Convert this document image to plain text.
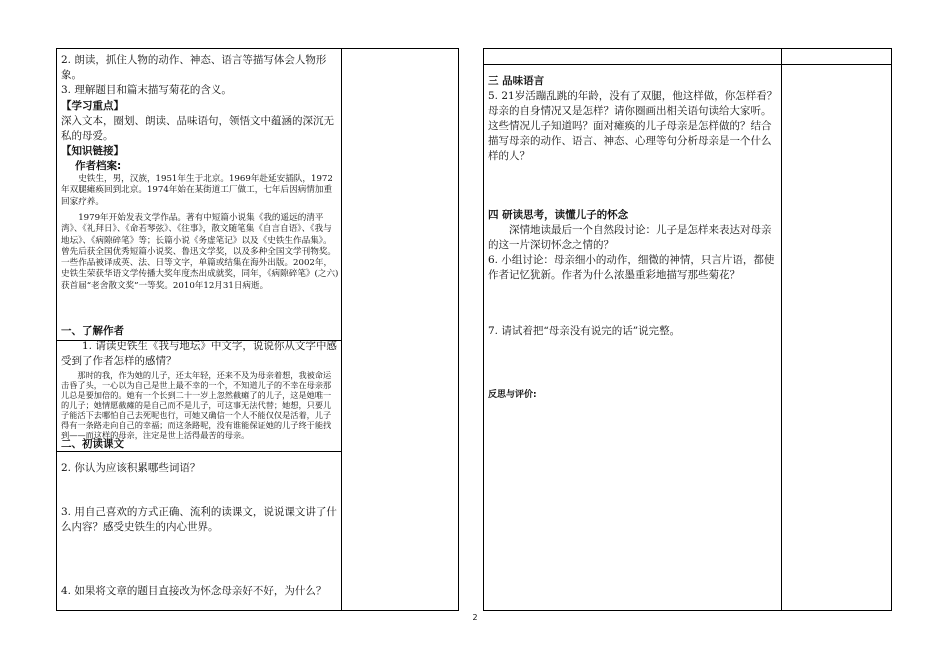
2. 朗读，抓住人物的动作、神态、语言等描写体会人物形象。

3. 理解题目和篇末描写菊花的含义。

【学习重点】

深入文本，圈划、朗读、品味语句，领悟文中蕴涵的深沉无私的母爱。

【知识链接】

作者档案:

史铁生，男，汉族，1951年生于北京。1969年赴延安插队，1972年双腿瘫痪回到北京。1974年始在某街道工厂做工，七年后因病情加重回家疗养。

1979年开始发表文学作品。著有中短篇小说集《我的遥远的清平湾》、《礼拜日》、《命若琴弦》、《往事》，散文随笔集《自言自语》、《我与地坛》、《病隙碎笔》等；长篇小说《务虚笔记》以及《史铁生作品集》。曾先后获全国优秀短篇小说奖、鲁迅文学奖，以及多种全国文学刊物奖。一些作品被译成英、法、日等文字，单篇或结集在海外出版。2002年，史铁生荣获华语文学传播大奖年度杰出成就奖，同年，《病隙碎笔》(之六) 获首届“老舍散文奖”一等奖。2010年12月31日病逝。

一、了解作者

1. 请读史铁生《我与地坛》中文字，说说你从文字中感受到了作者怎样的感情？

那时的我，作为她的儿子，还太年轻，还来不及为母亲着想，我被命运击昏了头，一心以为自己是世上最不幸的一个，不知道儿子的不幸在母亲那儿总是要加倍的。她有一个长到二十一岁上忽然截瘫了的儿子，这是她唯一的儿子；她情愿截瘫的是自己而不是儿子，可这事无法代替；她想，只要儿子能活下去哪怕自己去死呢也行，可她又确信一个人不能仅仅是活着，儿子得有一条路走向自己的幸福；而这条路呢，没有谁能保证她的儿子终于能找到——而这样的母亲，注定是世上活得最苦的母亲。

二、初读课文

2. 你认为应该积累哪些词语？

3. 用自己喜欢的方式正确、流利的读课文，说说课文讲了什么内容？感受史铁生的内心世界。

4. 如果将文章的题目直接改为怀念母亲好不好，为什么？

三 品味语言

5. 21岁活蹦乱跳的年龄，没有了双腿，他这样做，你怎样看？母亲的自身情况又是怎样？请你圈画出相关语句读给大家听。这些情况儿子知道吗？面对瘫痪的儿子母亲是怎样做的？结合描写母亲的动作、语言、神态、心理等句分析母亲是一个什么样的人？

四 研读思考，读懂儿子的怀念

深情地读最后一个自然段讨论：儿子是怎样来表达对母亲的这一片深切怀念之情的？

6. 小组讨论：母亲细小的动作，细微的神情，只言片语，都使作者记忆犹新。作者为什么浓墨重彩地描写那些菊花？

7. 请试着把“母亲没有说完的话”说完整。

反思与评价:

2
